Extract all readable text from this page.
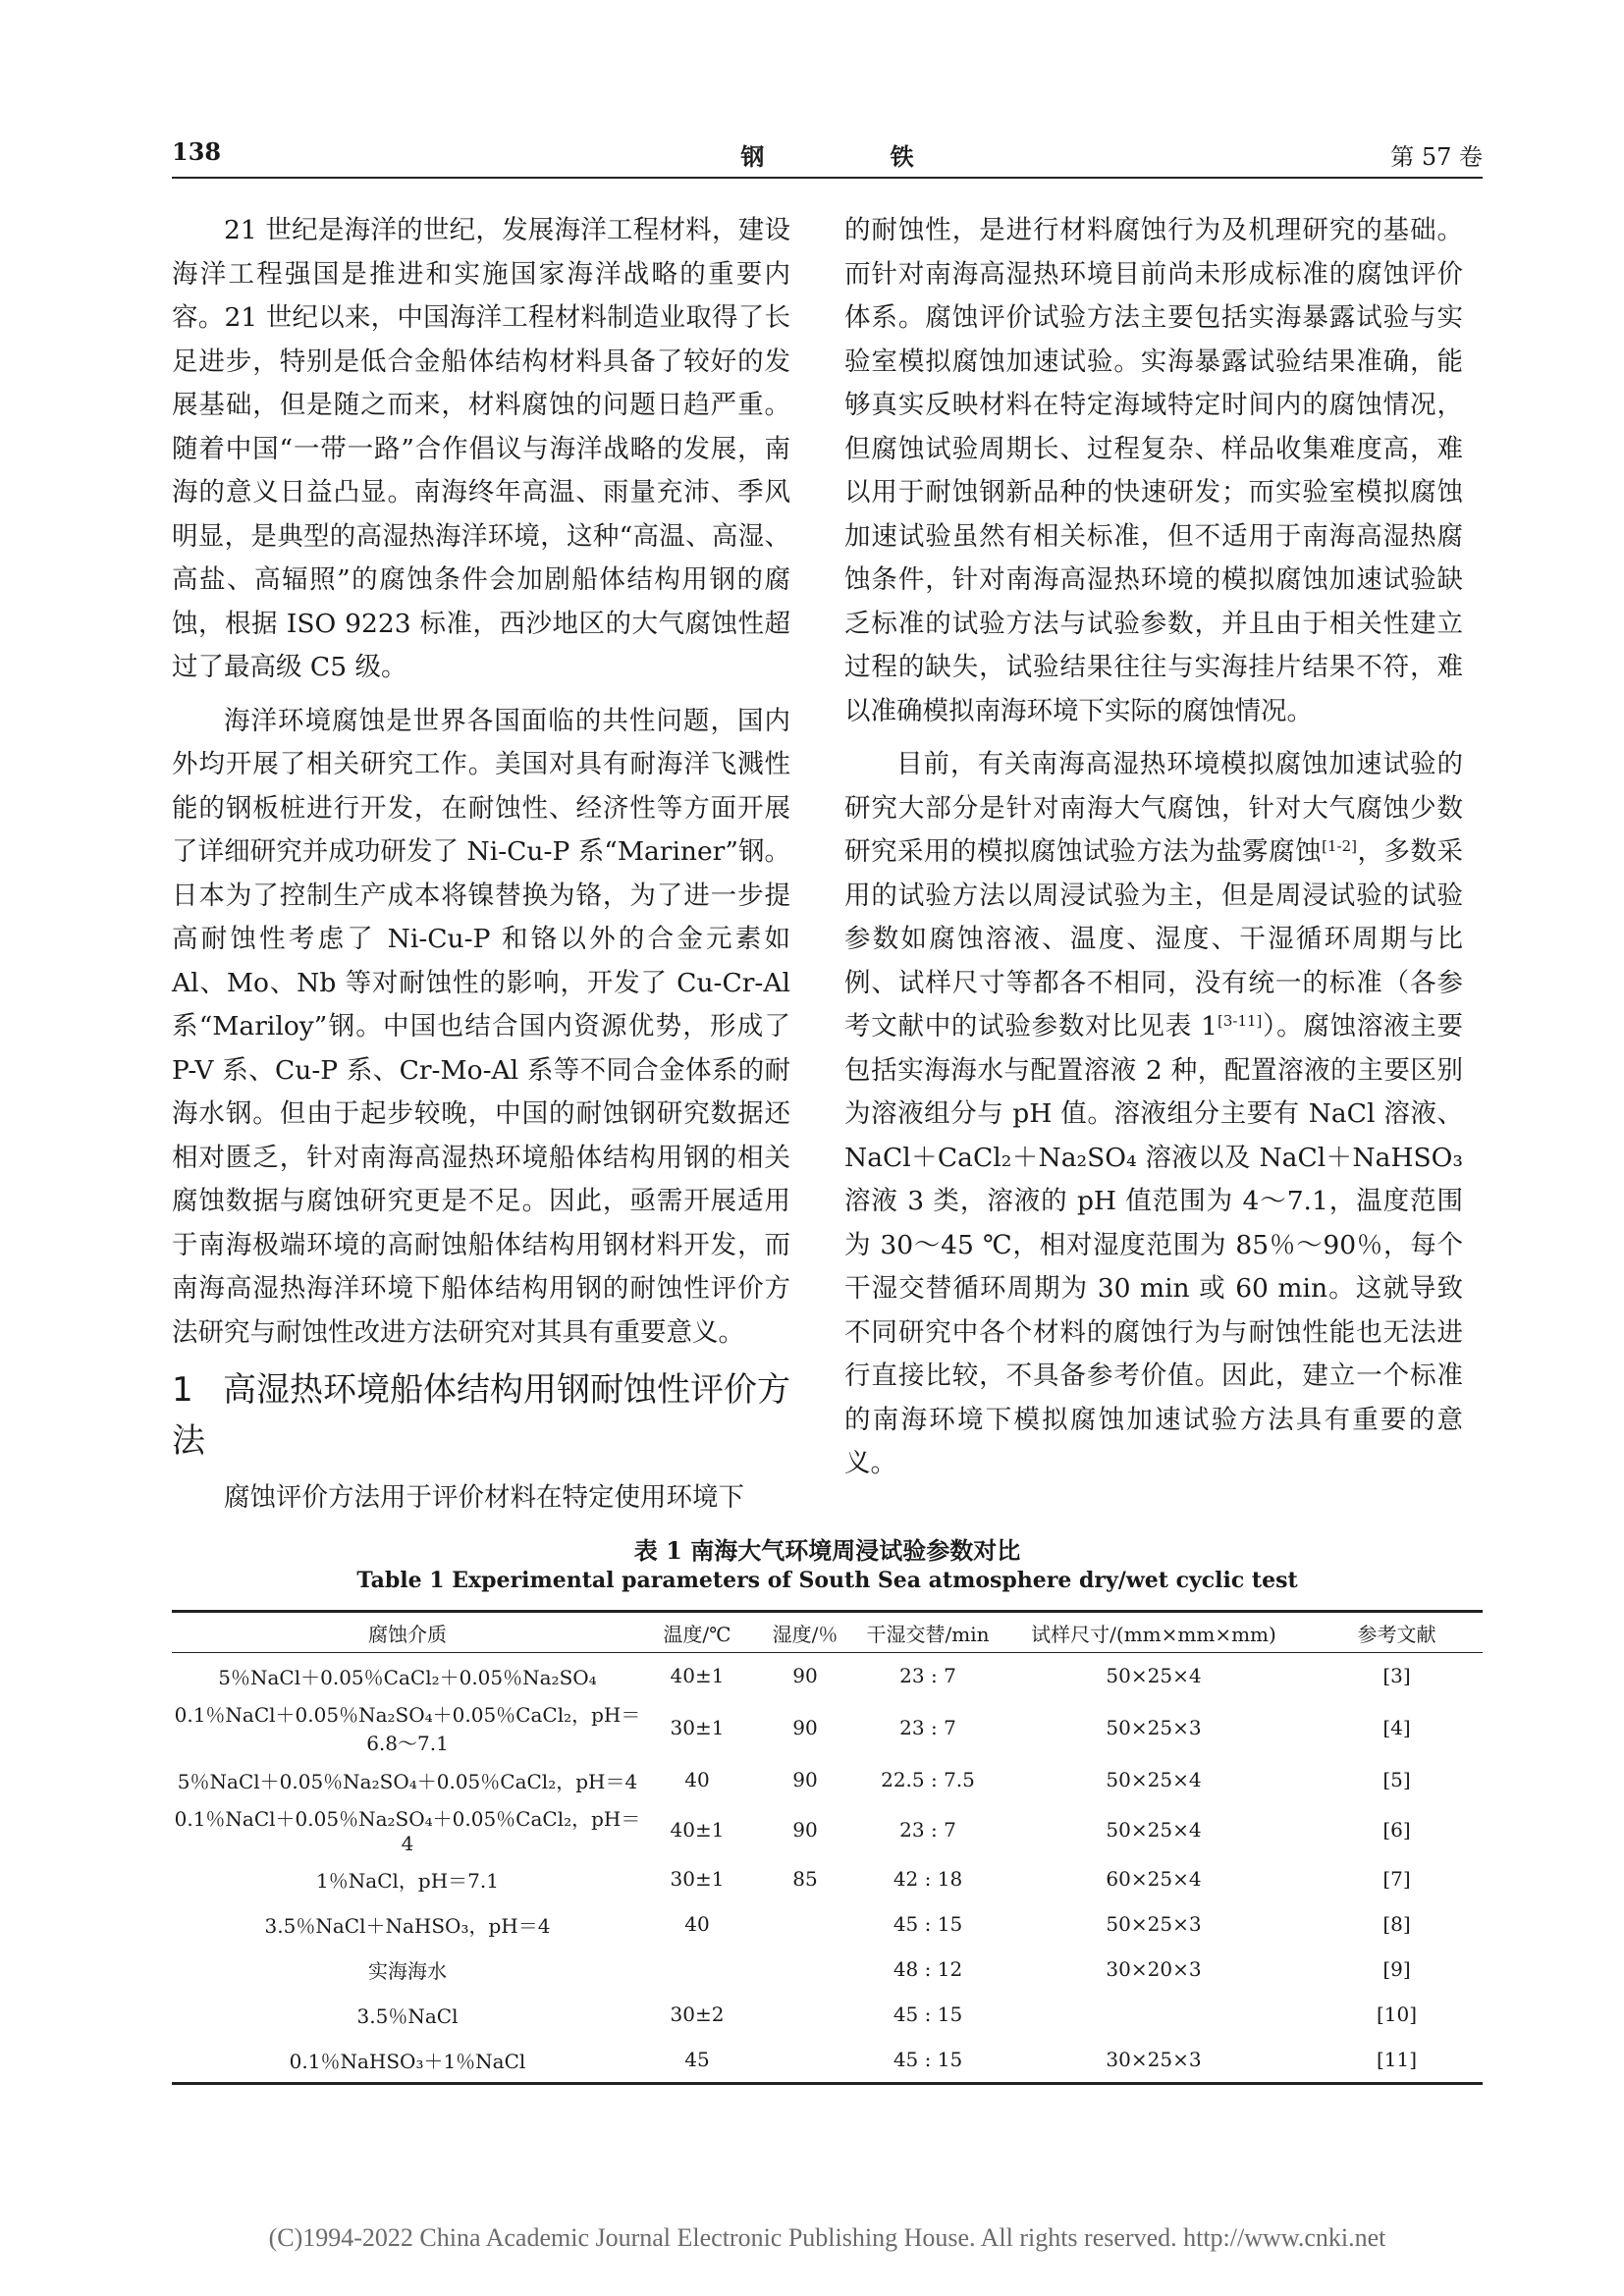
138	钢 铁	第 57 卷

21 世纪是海洋的世纪，发展海洋工程材料，建设海洋工程强国是推进和实施国家海洋战略的重要内容。21 世纪以来，中国海洋工程材料制造业取得了长足进步，特别是低合金船体结构材料具备了较好的发展基础，但是随之而来，材料腐蚀的问题日趋严重。随着中国“一带一路”合作倡议与海洋战略的发展，南海的意义日益凸显。南海终年高温、雨量充沛、季风明显，是典型的高湿热海洋环境，这种“高温、高湿、高盐、高辐照”的腐蚀条件会加剧船体结构用钢的腐蚀，根据 ISO 9223 标准，西沙地区的大气腐蚀性超过了最高级 C5 级。

海洋环境腐蚀是世界各国面临的共性问题，国内外均开展了相关研究工作。美国对具有耐海洋飞溅性能的钢板桩进行开发，在耐蚀性、经济性等方面开展了详细研究并成功研发了 Ni-Cu-P 系“Mariner”钢。日本为了控制生产成本将镍替换为铬，为了进一步提高耐蚀性考虑了 Ni-Cu-P 和铬以外的合金元素如 Al、Mo、Nb 等对耐蚀性的影响，开发了 Cu-Cr-Al 系“Mariloy”钢。中国也结合国内资源优势，形成了 P-V 系、Cu-P 系、Cr-Mo-Al 系等不同合金体系的耐海水钢。但由于起步较晚，中国的耐蚀钢研究数据还相对匮乏，针对南海高湿热环境船体结构用钢的相关腐蚀数据与腐蚀研究更是不足。因此，亟需开展适用于南海极端环境的高耐蚀船体结构用钢材料开发，而南海高湿热海洋环境下船体结构用钢的耐蚀性评价方法研究与耐蚀性改进方法研究对其具有重要意义。

1 高湿热环境船体结构用钢耐蚀性评价方法

腐蚀评价方法用于评价材料在特定使用环境下

的耐蚀性，是进行材料腐蚀行为及机理研究的基础。而针对南海高湿热环境目前尚未形成标准的腐蚀评价体系。腐蚀评价试验方法主要包括实海暴露试验与实验室模拟腐蚀加速试验。实海暴露试验结果准确，能够真实反映材料在特定海域特定时间内的腐蚀情况，但腐蚀试验周期长、过程复杂、样品收集难度高，难以用于耐蚀钢新品种的快速研发；而实验室模拟腐蚀加速试验虽然有相关标准，但不适用于南海高湿热腐蚀条件，针对南海高湿热环境的模拟腐蚀加速试验缺乏标准的试验方法与试验参数，并且由于相关性建立过程的缺失，试验结果往往与实海挂片结果不符，难以准确模拟南海环境下实际的腐蚀情况。

目前，有关南海高湿热环境模拟腐蚀加速试验的研究大部分是针对南海大气腐蚀，针对大气腐蚀少数研究采用的模拟腐蚀试验方法为盐雾腐蚀[1-2]，多数采用的试验方法以周浸试验为主，但是周浸试验的试验参数如腐蚀溶液、温度、湿度、干湿循环周期与比例、试样尺寸等都各不相同，没有统一的标准（各参考文献中的试验参数对比见表 1[3-11]）。腐蚀溶液主要包括实海海水与配置溶液 2 种，配置溶液的主要区别为溶液组分与 pH 值。溶液组分主要有 NaCl 溶液、NaCl＋CaCl₂＋Na₂SO₄ 溶液以及 NaCl＋NaHSO₃ 溶液 3 类，溶液的 pH 值范围为 4～7.1，温度范围为 30～45 ℃，相对湿度范围为 85％～90％，每个干湿交替循环周期为 30 min 或 60 min。这就导致不同研究中各个材料的腐蚀行为与耐蚀性能也无法进行直接比较，不具备参考价值。因此，建立一个标准的南海环境下模拟腐蚀加速试验方法具有重要的意义。

表 1 南海大气环境周浸试验参数对比
Table 1 Experimental parameters of South Sea atmosphere dry/wet cyclic test
腐蚀介质	温度/℃	湿度/％	干湿交替/min	试样尺寸/(mm×mm×mm)	参考文献
5％NaCl＋0.05％CaCl₂＋0.05％Na₂SO₄	40±1	90	23 : 7	50×25×4	[3]
0.1％NaCl＋0.05％Na₂SO₄＋0.05％CaCl₂，pH＝6.8～7.1	30±1	90	23 : 7	50×25×3	[4]
5％NaCl＋0.05％Na₂SO₄＋0.05％CaCl₂，pH＝4	40	90	22.5 : 7.5	50×25×4	[5]
0.1％NaCl＋0.05％Na₂SO₄＋0.05％CaCl₂，pH＝4	40±1	90	23 : 7	50×25×4	[6]
1％NaCl，pH＝7.1	30±1	85	42 : 18	60×25×4	[7]
3.5％NaCl＋NaHSO₃，pH＝4	40		45 : 15	50×25×3	[8]
实海海水			48 : 12	30×20×3	[9]
3.5％NaCl	30±2		45 : 15		[10]
0.1％NaHSO₃＋1％NaCl	45		45 : 15	30×25×3	[11]
(C)1994-2022 China Academic Journal Electronic Publishing House. All rights reserved. http://www.cnki.net
